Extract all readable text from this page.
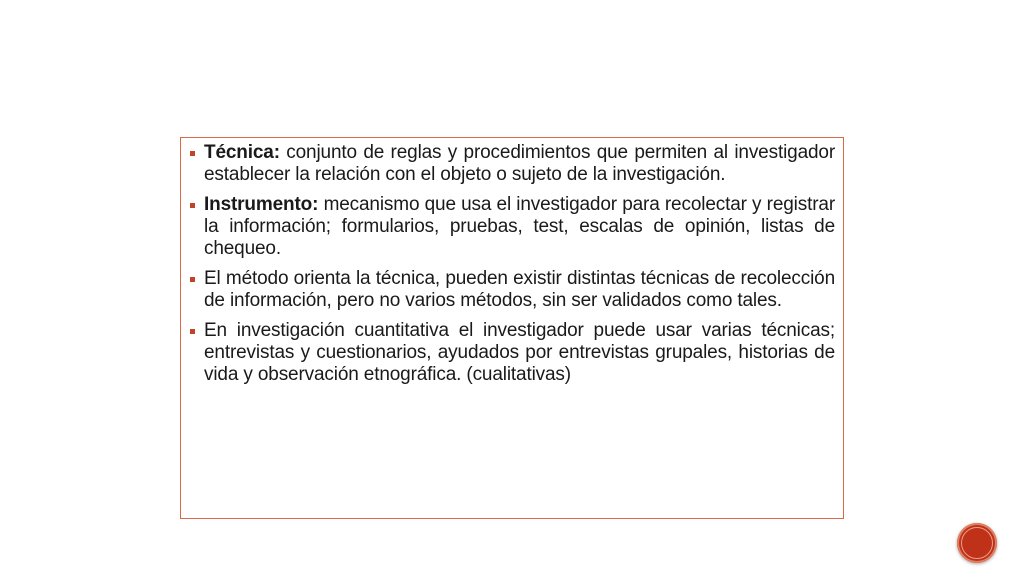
Técnica: conjunto de reglas y procedimientos que permiten al investigador establecer la relación con el objeto o sujeto de la investigación.
Instrumento: mecanismo que usa el investigador para recolectar y registrar la información; formularios, pruebas, test, escalas de opinión, listas de chequeo.
El método orienta la técnica, pueden existir distintas técnicas de recolección de información, pero no varios métodos, sin ser validados como tales.
En investigación cuantitativa el investigador puede usar varias técnicas; entrevistas y cuestionarios, ayudados por entrevistas grupales, historias de vida y observación etnográfica. (cualitativas)
